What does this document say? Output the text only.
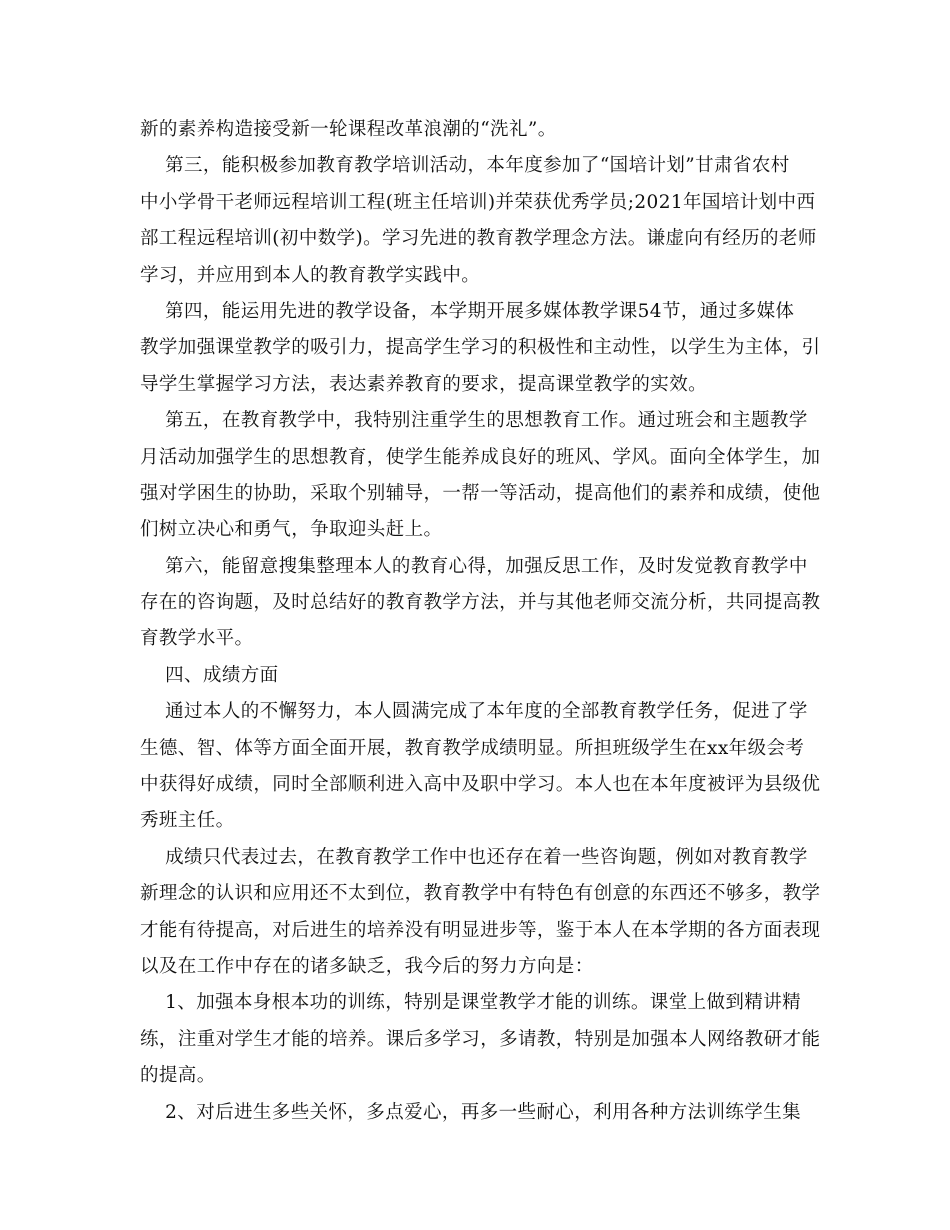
新的素养构造接受新一轮课程改革浪潮的“洗礼”。
第三，能积极参加教育教学培训活动，本年度参加了“国培计划”甘肃省农村
中小学骨干老师远程培训工程(班主任培训)并荣获优秀学员;2021年国培计划中西
部工程远程培训(初中数学)。学习先进的教育教学理念方法。谦虚向有经历的老师
学习，并应用到本人的教育教学实践中。
第四，能运用先进的教学设备，本学期开展多媒体教学课54节，通过多媒体
教学加强课堂教学的吸引力，提高学生学习的积极性和主动性，以学生为主体，引
导学生掌握学习方法，表达素养教育的要求，提高课堂教学的实效。
第五，在教育教学中，我特别注重学生的思想教育工作。通过班会和主题教学
月活动加强学生的思想教育，使学生能养成良好的班风、学风。面向全体学生，加
强对学困生的协助，采取个别辅导，一帮一等活动，提高他们的素养和成绩，使他
们树立决心和勇气，争取迎头赶上。
第六，能留意搜集整理本人的教育心得，加强反思工作，及时发觉教育教学中
存在的咨询题，及时总结好的教育教学方法，并与其他老师交流分析，共同提高教
育教学水平。
四、成绩方面
通过本人的不懈努力，本人圆满完成了本年度的全部教育教学任务，促进了学
生德、智、体等方面全面开展，教育教学成绩明显。所担班级学生在xx年级会考
中获得好成绩，同时全部顺利进入高中及职中学习。本人也在本年度被评为县级优
秀班主任。
成绩只代表过去，在教育教学工作中也还存在着一些咨询题，例如对教育教学
新理念的认识和应用还不太到位，教育教学中有特色有创意的东西还不够多，教学
才能有待提高，对后进生的培养没有明显进步等，鉴于本人在本学期的各方面表现
以及在工作中存在的诸多缺乏，我今后的努力方向是：
1、加强本身根本功的训练，特别是课堂教学才能的训练。课堂上做到精讲精
练，注重对学生才能的培养。课后多学习，多请教，特别是加强本人网络教研才能
的提高。
2、对后进生多些关怀，多点爱心，再多一些耐心，利用各种方法训练学生集
